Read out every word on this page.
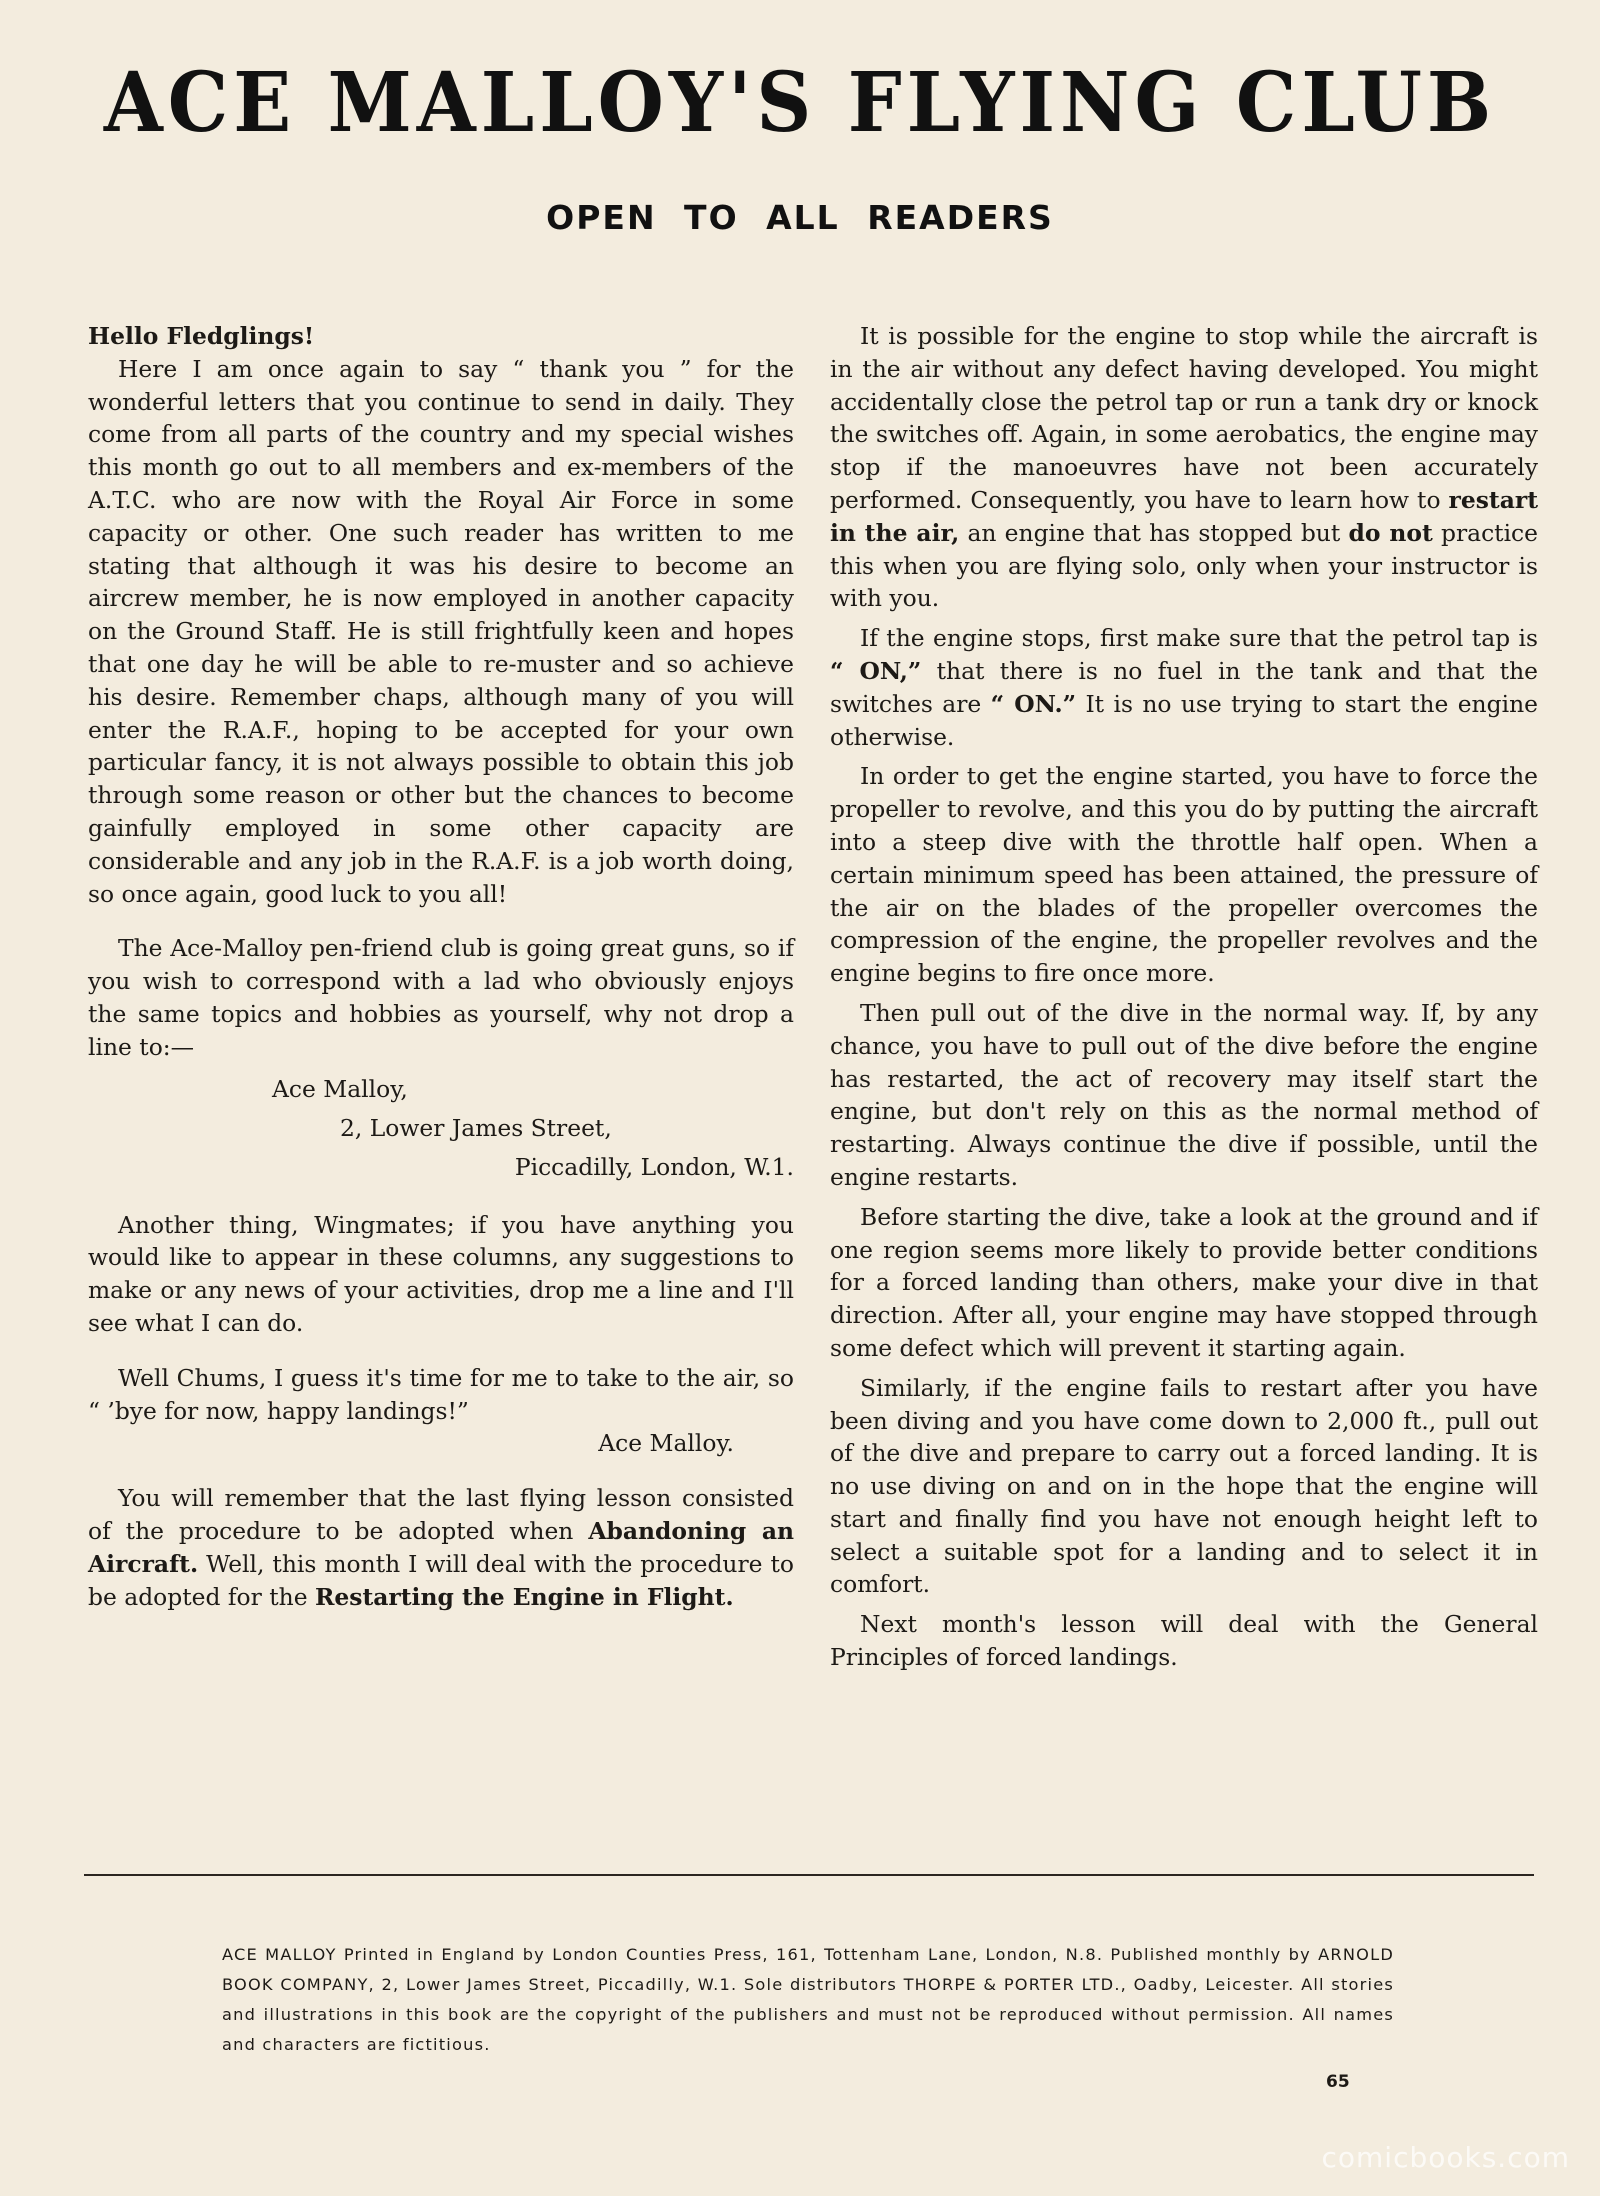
ACE MALLOY'S FLYING CLUB
OPEN TO ALL READERS

Hello Fledglings!

Here I am once again to say “ thank you ” for the wonderful letters that you continue to send in daily. They come from all parts of the country and my special wishes this month go out to all members and ex-members of the A.T.C. who are now with the Royal Air Force in some capacity or other. One such reader has written to me stating that although it was his desire to become an aircrew member, he is now employed in another capacity on the Ground Staff. He is still frightfully keen and hopes that one day he will be able to re-muster and so achieve his desire. Remember chaps, although many of you will enter the R.A.F., hoping to be accepted for your own particular fancy, it is not always possible to obtain this job through some reason or other but the chances to become gainfully employed in some other capacity are considerable and any job in the R.A.F. is a job worth doing, so once again, good luck to you all!

The Ace-Malloy pen-friend club is going great guns, so if you wish to correspond with a lad who obviously enjoys the same topics and hobbies as yourself, why not drop a line to:—

Ace Malloy,
2, Lower James Street,
Piccadilly, London, W.1.

Another thing, Wingmates; if you have anything you would like to appear in these columns, any suggestions to make or any news of your activities, drop me a line and I'll see what I can do.

Well Chums, I guess it's time for me to take to the air, so “ ’bye for now, happy landings!”

Ace Malloy.

You will remember that the last flying lesson consisted of the procedure to be adopted when Abandoning an Aircraft. Well, this month I will deal with the procedure to be adopted for the Restarting the Engine in Flight.

It is possible for the engine to stop while the aircraft is in the air without any defect having developed. You might accidentally close the petrol tap or run a tank dry or knock the switches off. Again, in some aerobatics, the engine may stop if the manoeuvres have not been accurately performed. Consequently, you have to learn how to restart in the air, an engine that has stopped but do not practice this when you are flying solo, only when your instructor is with you.

If the engine stops, first make sure that the petrol tap is “ ON,” that there is no fuel in the tank and that the switches are “ ON.” It is no use trying to start the engine otherwise.

In order to get the engine started, you have to force the propeller to revolve, and this you do by putting the aircraft into a steep dive with the throttle half open. When a certain minimum speed has been attained, the pressure of the air on the blades of the propeller overcomes the compression of the engine, the propeller revolves and the engine begins to fire once more.

Then pull out of the dive in the normal way. If, by any chance, you have to pull out of the dive before the engine has restarted, the act of recovery may itself start the engine, but don't rely on this as the normal method of restarting. Always continue the dive if possible, until the engine restarts.

Before starting the dive, take a look at the ground and if one region seems more likely to provide better conditions for a forced landing than others, make your dive in that direction. After all, your engine may have stopped through some defect which will prevent it starting again.

Similarly, if the engine fails to restart after you have been diving and you have come down to 2,000 ft., pull out of the dive and prepare to carry out a forced landing. It is no use diving on and on in the hope that the engine will start and finally find you have not enough height left to select a suitable spot for a landing and to select it in comfort.

Next month's lesson will deal with the General Principles of forced landings.

ACE MALLOY Printed in England by London Counties Press, 161, Tottenham Lane, London, N.8. Published monthly by ARNOLD BOOK COMPANY, 2, Lower James Street, Piccadilly, W.1. Sole distributors THORPE & PORTER LTD., Oadby, Leicester. All stories and illustrations in this book are the copyright of the publishers and must not be reproduced without permission. All names and characters are fictitious.
65
comicbooks.com
